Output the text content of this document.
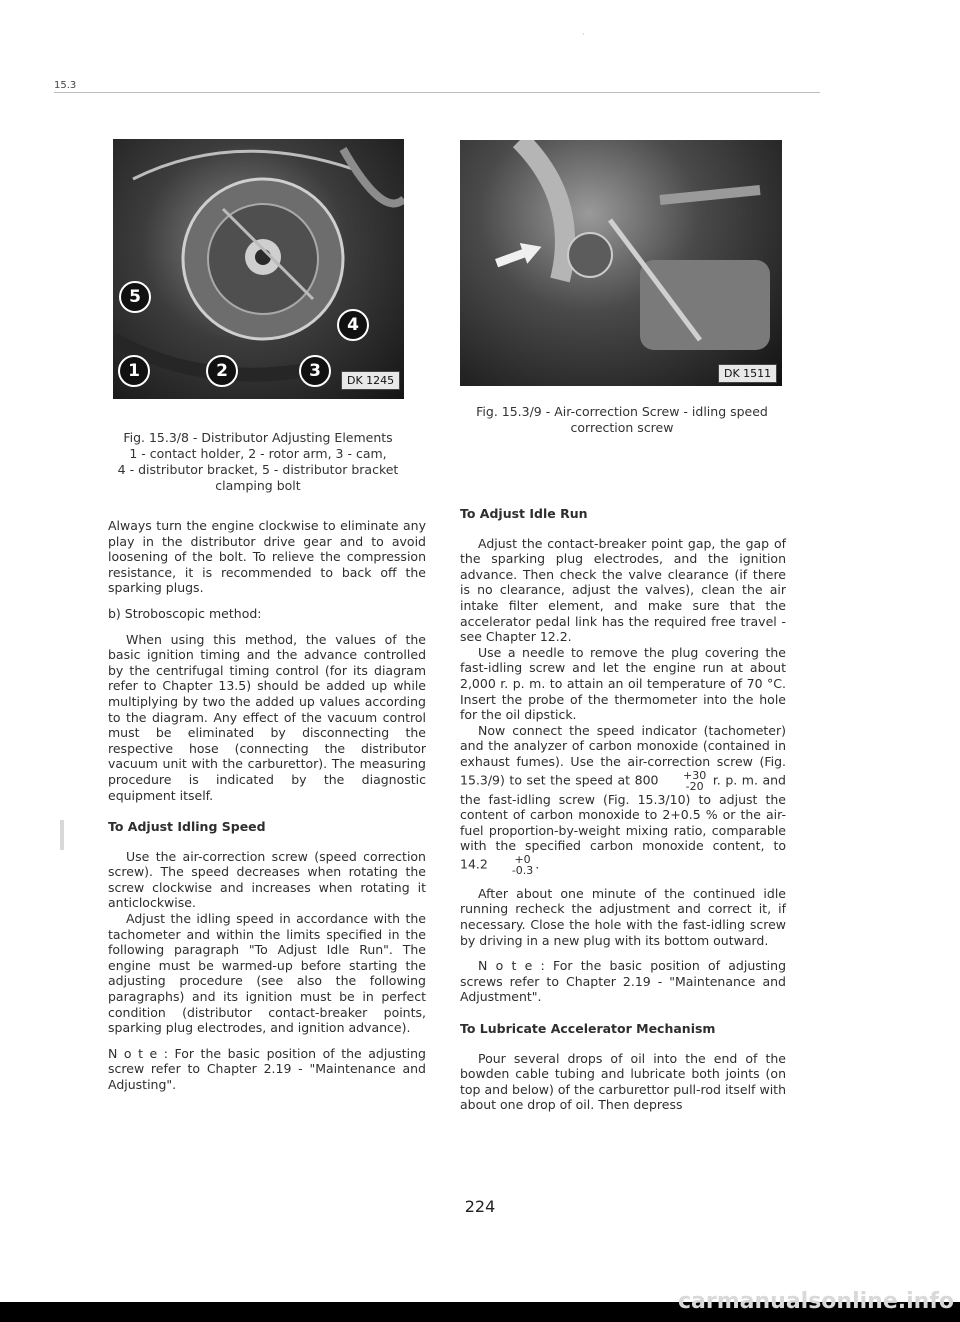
·
15.3
5
4
1	2	3	DK 1245
DK 1511
Fig. 15.3/8 - Distributor Adjusting Elements
1 - contact holder, 2 - rotor arm, 3 - cam,
4 - distributor bracket, 5 - distributor bracket
clamping bolt
Fig. 15.3/9 - Air-correction Screw - idling speed
correction screw

Always turn the engine clockwise to eliminate any play in the distributor drive gear and to avoid loosening of the bolt. To relieve the compression resistance, it is recommended to back off the sparking plugs.

b) Stroboscopic method:

When using this method, the values of the basic ignition timing and the advance controlled by the centrifugal timing control (for its diagram refer to Chapter 13.5) should be added up while multiplying by two the added up values according to the diagram. Any effect of the vacuum control must be eliminated by disconnecting the respective hose (connecting the distributor vacuum unit with the carburettor). The measuring procedure is indicated by the diagnostic equipment itself.

To Adjust Idling Speed

Use the air-correction screw (speed correction screw). The speed decreases when rotating the screw clockwise and increases when rotating it anticlockwise.

Adjust the idling speed in accordance with the tachometer and within the limits specified in the following paragraph "To Adjust Idle Run". The engine must be warmed-up before starting the adjusting procedure (see also the following paragraphs) and its ignition must be in perfect condition (distributor contact-breaker points, sparking plug electrodes, and ignition advance).

N o t e : For the basic position of the adjusting screw refer to Chapter 2.19 - "Maintenance and Adjusting".

To Adjust Idle Run

Adjust the contact-breaker point gap, the gap of the sparking plug electrodes, and the ignition advance. Then check the valve clearance (if there is no clearance, adjust the valves), clean the air intake filter element, and make sure that the accelerator pedal link has the required free travel - see Chapter 12.2.

Use a needle to remove the plug covering the fast-idling screw and let the engine run at about 2,000 r. p. m. to attain an oil temperature of 70 °C. Insert the probe of the thermometer into the hole for the oil dipstick.

Now connect the speed indicator (tachometer) and the analyzer of carbon monoxide (contained in exhaust fumes). Use the air-correction screw (Fig. 15.3/9) to set the speed at 800	+30
-20 r. p. m. and the fast-idling screw (Fig. 15.3/10) to adjust the content of carbon monoxide to 2+0.5 % or the air-fuel proportion-by-weight mixing ratio, comparable with the specified carbon monoxide content, to 14.2	+0
-0.3 .

After about one minute of the continued idle running recheck the adjustment and correct it, if necessary. Close the hole with the fast-idling screw by driving in a new plug with its bottom outward.

N o t e : For the basic position of adjusting screws refer to Chapter 2.19 - "Maintenance and Adjustment".

To Lubricate Accelerator Mechanism

Pour several drops of oil into the end of the bowden cable tubing and lubricate both joints (on top and below) of the carburettor pull-rod itself with about one drop of oil. Then depress

224
carmanualsonline.info
